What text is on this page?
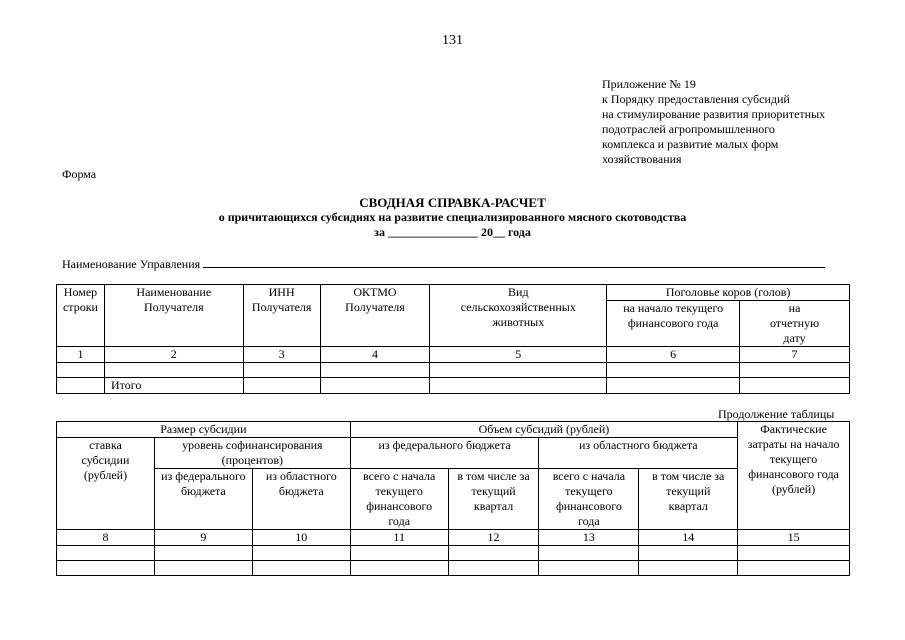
131
Приложение № 19
к Порядку предоставления субсидий
на стимулирование развития приоритетных
подотраслей агропромышленного
комплекса и развитие малых форм
хозяйствования
Форма
СВОДНАЯ СПРАВКА-РАСЧЕТ
о причитающихся субсидиях на развитие специализированного мясного скотоводства
за _______________ 20__ года
Наименование Управления
Номер строки	Наименование Получателя	ИНН Получателя	ОКТМО Получателя	Вид сельскохозяйственных животных	Поголовье коров (голов)	
					на начало текущего финансового года	на отчетную дату
1	2	3	4	5	6	7

	Итого					
Продолжение таблицы
Размер субсидии			Объем субсидий (рублей)				Фактические затраты на начало текущего финансового года (рублей)
ставка субсидии (рублей)	уровень софинансирования (процентов)		из федерального бюджета		из областного бюджета		
	из федерального бюджета	из областного бюджета	всего с начала текущего финансового года	в том числе за текущий квартал	всего с начала текущего финансового года	в том числе за текущий квартал	
8	9	10	11	12	13	14	15
